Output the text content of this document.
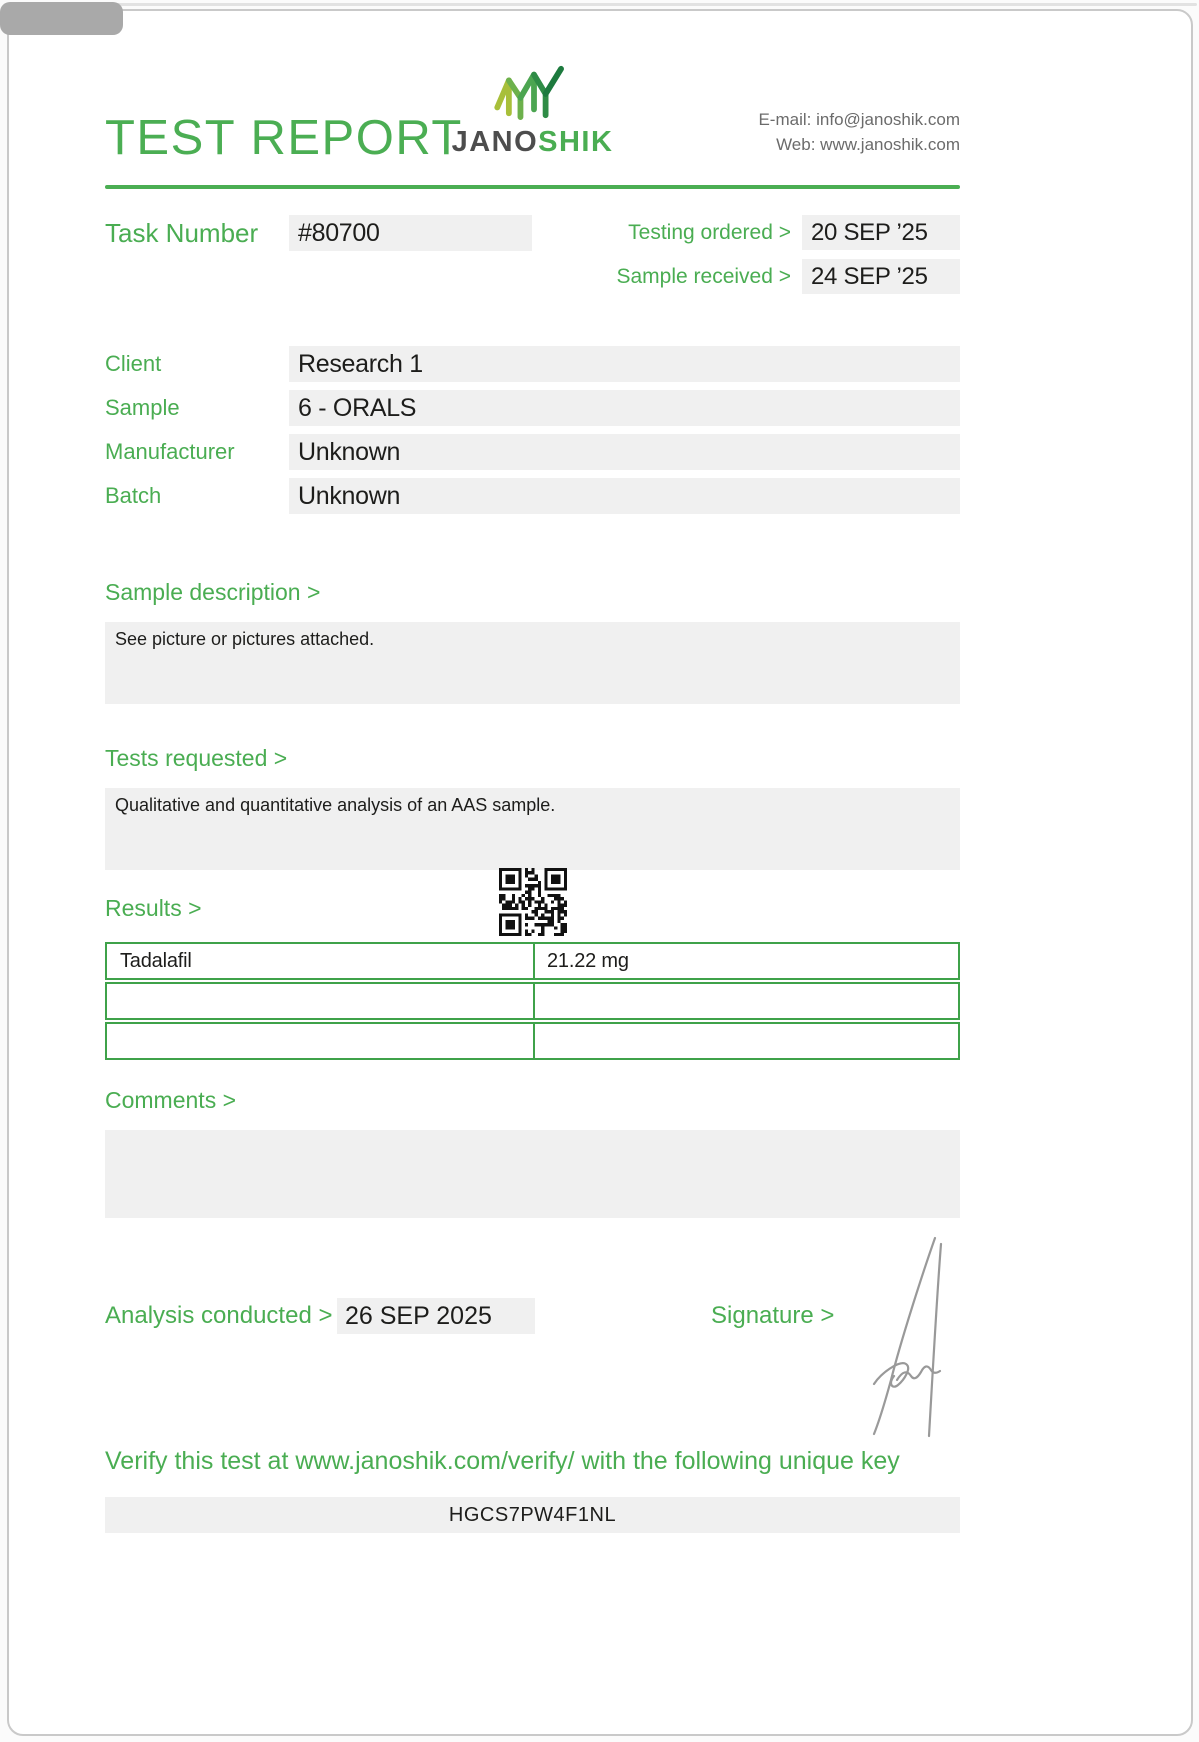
TEST REPORT
JANOSHIK
E-mail: info@janoshik.com
Web: www.janoshik.com
Task Number	#80700	Testing ordered > 20 SEP ’25
Sample received > 24 SEP ’25
Client	Research 1
Sample	6 - ORALS
Manufacturer	Unknown
Batch	Unknown
Sample description >
See picture or pictures attached.
Tests requested >
Qualitative and quantitative analysis of an AAS sample.
Results >
Tadalafil	21.22 mg
Comments >
Analysis conducted > 26 SEP 2025	Signature >
Verify this test at www.janoshik.com/verify/ with the following unique key
HGCS7PW4F1NL
